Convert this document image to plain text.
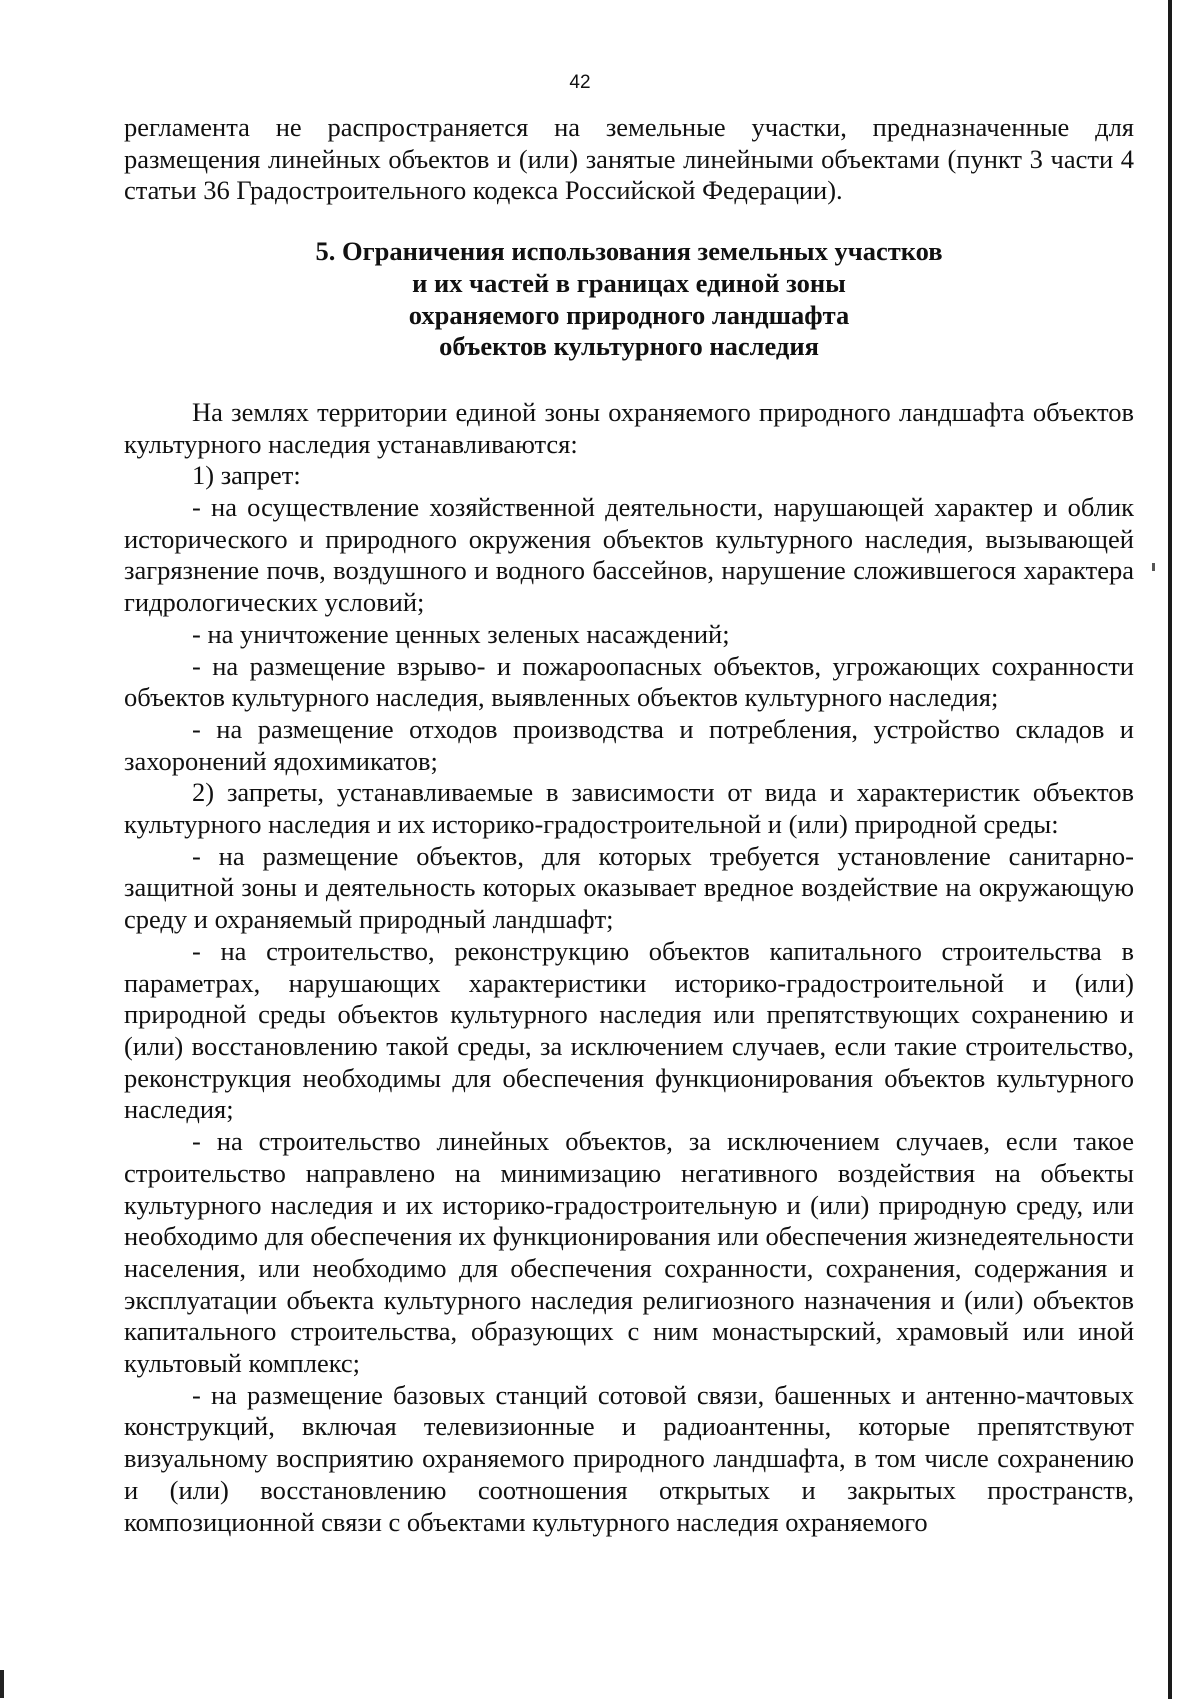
42

регламента не распространяется на земельные участки, предназначенные для размещения линейных объектов и (или) занятые линейными объектами (пункт 3 части 4 статьи 36 Градостроительного кодекса Российской Федерации).

5. Ограничения использования земельных участков
и их частей в границах единой зоны
охраняемого природного ландшафта
объектов культурного наследия

На землях территории единой зоны охраняемого природного ландшафта объектов культурного наследия устанавливаются:

1) запрет:

- на осуществление хозяйственной деятельности, нарушающей характер и облик исторического и природного окружения объектов культурного наследия, вызывающей загрязнение почв, воздушного и водного бассейнов, нарушение сложившегося характера гидрологических условий;

- на уничтожение ценных зеленых насаждений;

- на размещение взрыво- и пожароопасных объектов, угрожающих сохранности объектов культурного наследия, выявленных объектов культурного наследия;

- на размещение отходов производства и потребления, устройство складов и захоронений ядохимикатов;

2) запреты, устанавливаемые в зависимости от вида и характеристик объектов культурного наследия и их историко-градостроительной и (или) природной среды:

- на размещение объектов, для которых требуется установление санитарно-защитной зоны и деятельность которых оказывает вредное воздействие на окружающую среду и охраняемый природный ландшафт;

- на строительство, реконструкцию объектов капитального строительства в параметрах, нарушающих характеристики историко-градостроительной и (или) природной среды объектов культурного наследия или препятствующих сохранению и (или) восстановлению такой среды, за исключением случаев, если такие строительство, реконструкция необходимы для обеспечения функционирования объектов культурного наследия;

- на строительство линейных объектов, за исключением случаев, если такое строительство направлено на минимизацию негативного воздействия на объекты культурного наследия и их историко-градостроительную и (или) природную среду, или необходимо для обеспечения их функционирования или обеспечения жизнедеятельности населения, или необходимо для обеспечения сохранности, сохранения, содержания и эксплуатации объекта культурного наследия религиозного назначения и (или) объектов капитального строительства, образующих с ним монастырский, храмовый или иной культовый комплекс;

- на размещение базовых станций сотовой связи, башенных и антенно-мачтовых конструкций, включая телевизионные и радиоантенны, которые препятствуют визуальному восприятию охраняемого природного ландшафта, в том числе сохранению и (или) восстановлению соотношения открытых и закрытых пространств, композиционной связи с объектами культурного наследия охраняемого
